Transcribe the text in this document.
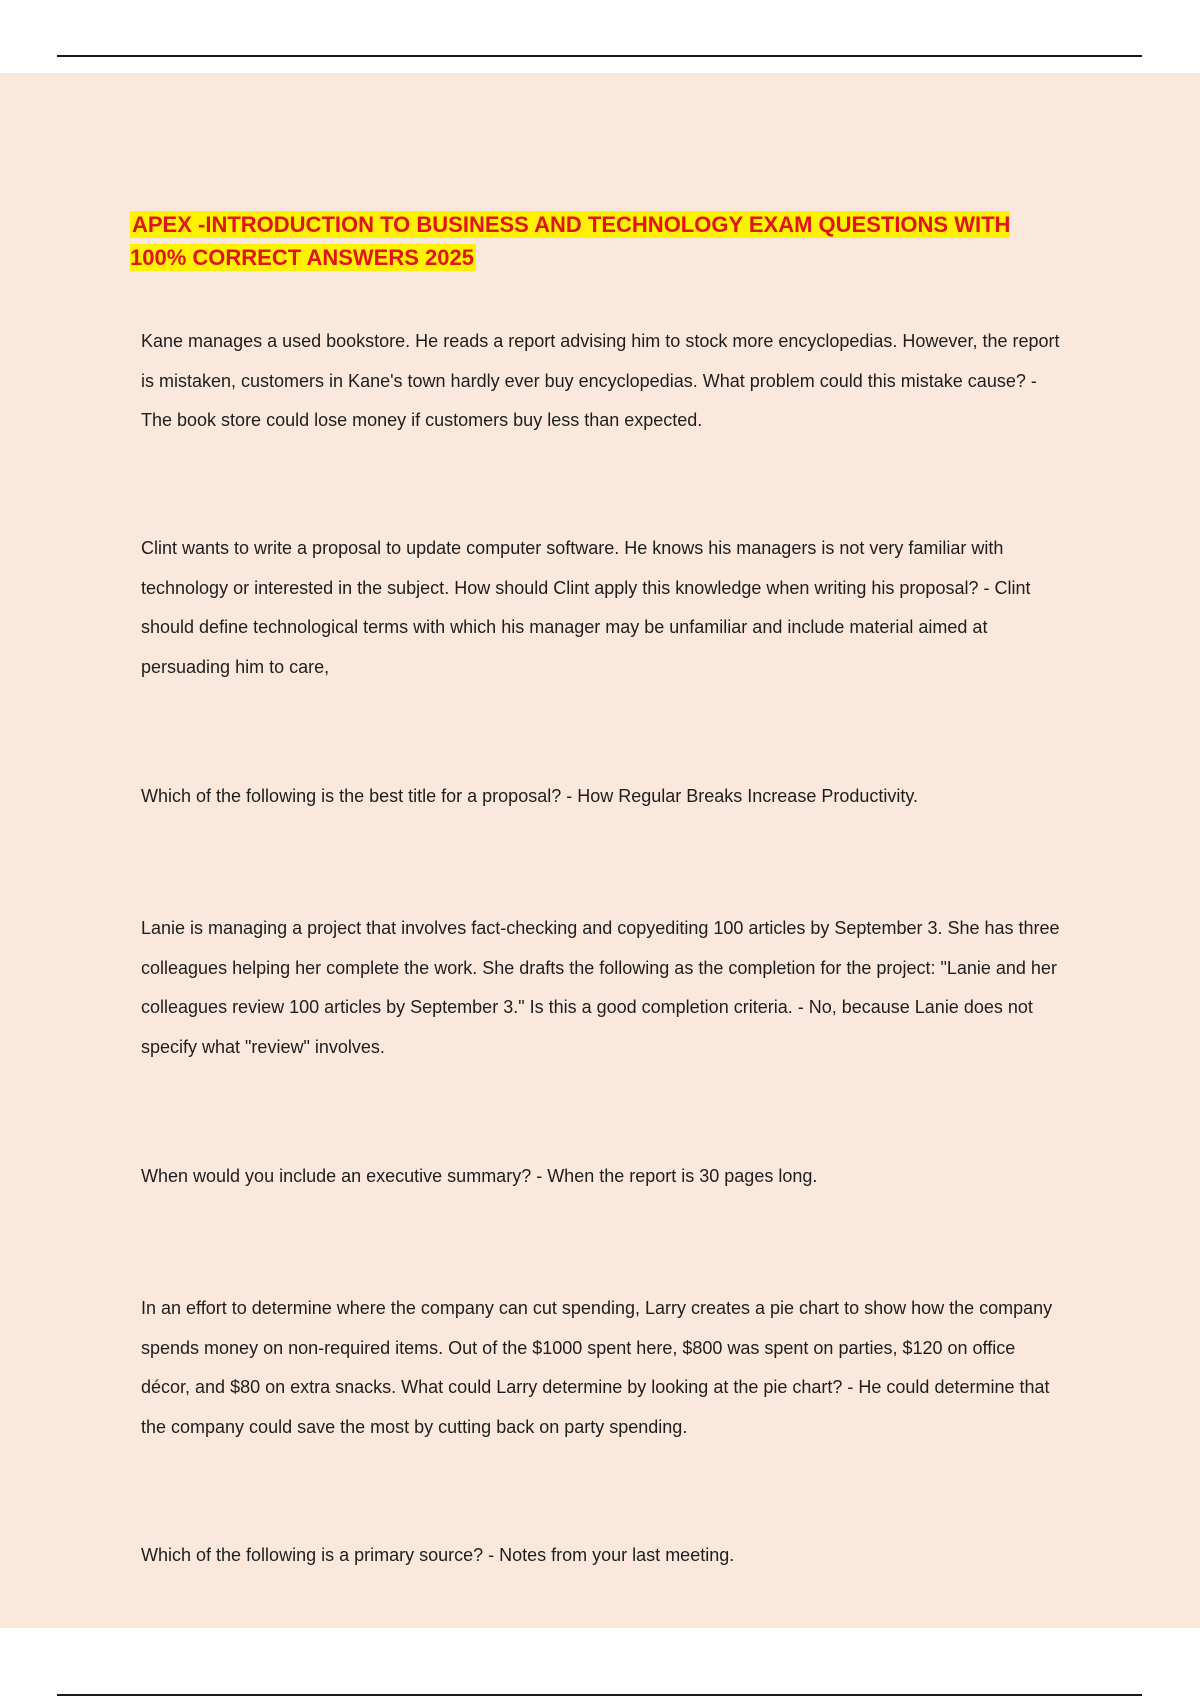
APEX -INTRODUCTION TO BUSINESS AND TECHNOLOGY EXAM QUESTIONS WITH 100% CORRECT ANSWERS 2025

Kane manages a used bookstore. He reads a report advising him to stock more encyclopedias. However, the report is mistaken, customers in Kane's town hardly ever buy encyclopedias. What problem could this mistake cause? - The book store could lose money if customers buy less than expected.

Clint wants to write a proposal to update computer software. He knows his managers is not very familiar with technology or interested in the subject. How should Clint apply this knowledge when writing his proposal? - Clint should define technological terms with which his manager may be unfamiliar and include material aimed at persuading him to care,

Which of the following is the best title for a proposal? - How Regular Breaks Increase Productivity.

Lanie is managing a project that involves fact-checking and copyediting 100 articles by September 3. She has three colleagues helping her complete the work. She drafts the following as the completion for the project: "Lanie and her colleagues review 100 articles by September 3." Is this a good completion criteria. - No, because Lanie does not specify what "review" involves.

When would you include an executive summary? - When the report is 30 pages long.

In an effort to determine where the company can cut spending, Larry creates a pie chart to show how the company spends money on non-required items. Out of the $1000 spent here, $800 was spent on parties, $120 on office décor, and $80 on extra snacks. What could Larry determine by looking at the pie chart? - He could determine that the company could save the most by cutting back on party spending.

Which of the following is a primary source? - Notes from your last meeting.
